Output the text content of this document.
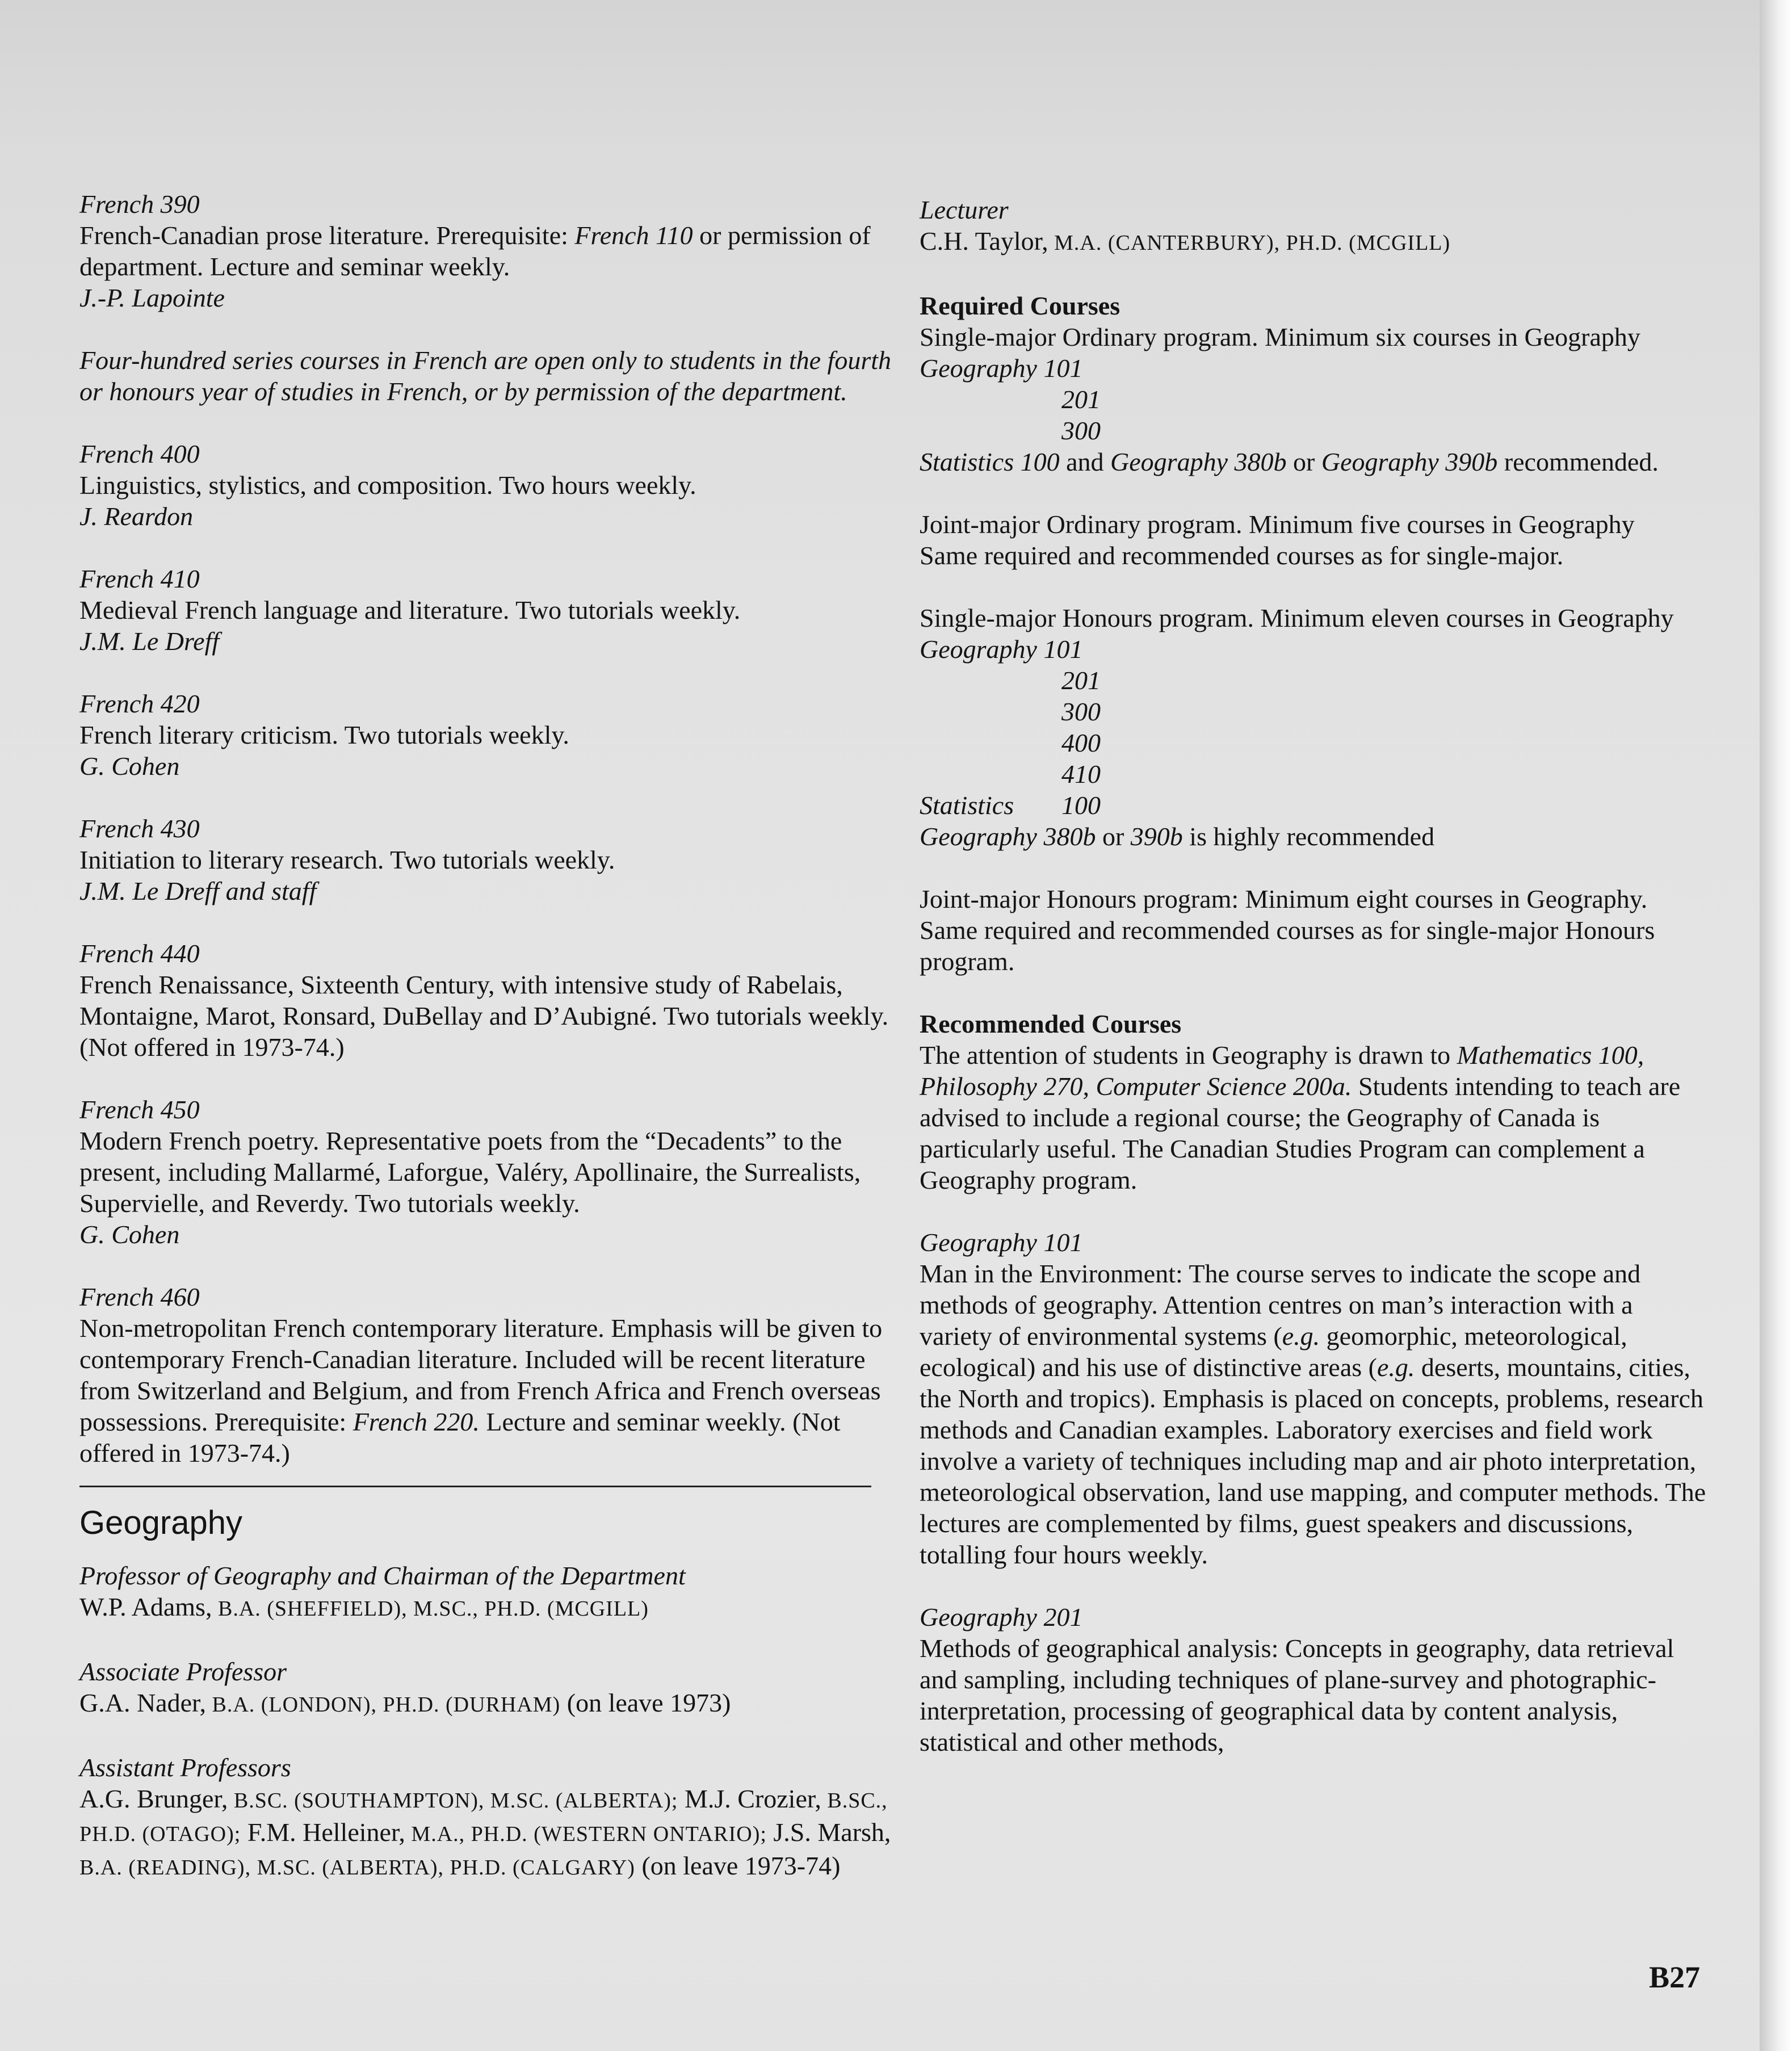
French 390

French-Canadian prose literature. Prerequisite: French 110 or permission of department. Lecture and seminar weekly.

J.-P. Lapointe

Four-hundred series courses in French are open only to students in the fourth or honours year of studies in French, or by permission of the department.

French 400

Linguistics, stylistics, and composition. Two hours weekly.

J. Reardon

French 410

Medieval French language and literature. Two tutorials weekly.

J.M. Le Dreff

French 420

French literary criticism. Two tutorials weekly.

G. Cohen

French 430

Initiation to literary research. Two tutorials weekly.

J.M. Le Dreff and staff

French 440

French Renaissance, Sixteenth Century, with intensive study of Rabelais, Montaigne, Marot, Ronsard, DuBellay and D’Aubigné. Two tutorials weekly. (Not offered in 1973-74.)

French 450

Modern French poetry. Representative poets from the “Decadents” to the present, including Mallarmé, Laforgue, Valéry, Apollinaire, the Surrealists, Supervielle, and Reverdy. Two tutorials weekly.

G. Cohen

French 460

Non-metropolitan French contemporary literature. Emphasis will be given to contemporary French-Canadian literature. Included will be recent literature from Switzerland and Belgium, and from French Africa and French overseas possessions. Prerequisite: French 220. Lecture and seminar weekly. (Not offered in 1973-74.)

Geography

Professor of Geography and Chairman of the Department

W.P. Adams, B.A. (SHEFFIELD), M.SC., PH.D. (MCGILL)

Associate Professor

G.A. Nader, B.A. (LONDON), PH.D. (DURHAM) (on leave 1973)

Assistant Professors

A.G. Brunger, B.SC. (SOUTHAMPTON), M.SC. (ALBERTA); M.J. Crozier, B.SC., PH.D. (OTAGO); F.M. Helleiner, M.A., PH.D. (WESTERN ONTARIO); J.S. Marsh, B.A. (READING), M.SC. (ALBERTA), PH.D. (CALGARY) (on leave 1973-74)

Lecturer

C.H. Taylor, M.A. (CANTERBURY), PH.D. (MCGILL)

Required Courses

Single-major Ordinary program. Minimum six courses in Geography

Geography 101

201

300

Statistics 100 and Geography 380b or Geography 390b recommended.

Joint-major Ordinary program. Minimum five courses in Geography

Same required and recommended courses as for single-major.

Single-major Honours program. Minimum eleven courses in Geography

Geography 101

201

300

400

410

Statistics 100

Geography 380b or 390b is highly recommended

Joint-major Honours program: Minimum eight courses in Geography.

Same required and recommended courses as for single-major Honours program.

Recommended Courses

The attention of students in Geography is drawn to Mathematics 100, Philosophy 270, Computer Science 200a. Students intending to teach are advised to include a regional course; the Geography of Canada is particularly useful. The Canadian Studies Program can complement a Geography program.

Geography 101

Man in the Environment: The course serves to indicate the scope and methods of geography. Attention centres on man’s interaction with a variety of environmental systems (e.g. geomorphic, meteorological, ecological) and his use of distinctive areas (e.g. deserts, mountains, cities, the North and tropics). Emphasis is placed on concepts, problems, research methods and Canadian examples. Laboratory exercises and field work involve a variety of techniques including map and air photo interpretation, meteorological observation, land use mapping, and computer methods. The lectures are complemented by films, guest speakers and discussions, totalling four hours weekly.

Geography 201

Methods of geographical analysis: Concepts in geography, data retrieval and sampling, including techniques of plane-survey and photographic-interpretation, processing of geographical data by content analysis, statistical and other methods,

B27
